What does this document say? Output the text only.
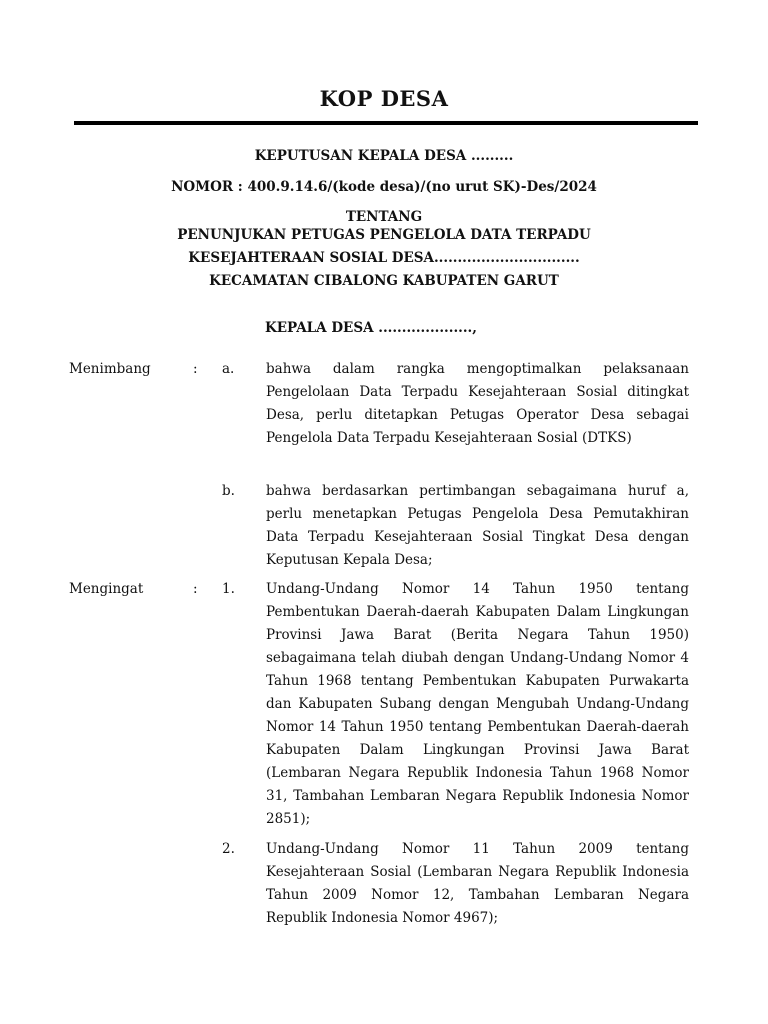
KOP DESA
KEPUTUSAN KEPALA DESA .........
NOMOR : 400.9.14.6/(kode desa)/(no urut SK)-Des/2024
TENTANG
PENUNJUKAN PETUGAS PENGELOLA DATA TERPADU
KESEJAHTERAAN SOSIAL DESA...............................
KECAMATAN CIBALONG KABUPATEN GARUT
KEPALA DESA ....................,
Menimbang	: a. bahwa dalam rangka mengoptimalkan pelaksanaan Pengelolaan Data Terpadu Kesejahteraan Sosial ditingkat Desa, perlu ditetapkan Petugas Operator Desa sebagai Pengelola Data Terpadu Kesejahteraan Sosial (DTKS)
b. bahwa berdasarkan pertimbangan sebagaimana huruf a, perlu menetapkan Petugas Pengelola Desa Pemutakhiran Data Terpadu Kesejahteraan Sosial Tingkat Desa dengan Keputusan Kepala Desa;
Mengingat	: 1. Undang-Undang Nomor 14 Tahun 1950 tentang Pembentukan Daerah-daerah Kabupaten Dalam Lingkungan Provinsi Jawa Barat (Berita Negara Tahun 1950) sebagaimana telah diubah dengan Undang-Undang Nomor 4 Tahun 1968 tentang Pembentukan Kabupaten Purwakarta dan Kabupaten Subang dengan Mengubah Undang-Undang Nomor 14 Tahun 1950 tentang Pembentukan Daerah-daerah Kabupaten Dalam Lingkungan Provinsi Jawa Barat (Lembaran Negara Republik Indonesia Tahun 1968 Nomor 31, Tambahan Lembaran Negara Republik Indonesia Nomor 2851);
2. Undang-Undang Nomor 11 Tahun 2009 tentang Kesejahteraan Sosial (Lembaran Negara Republik Indonesia Tahun 2009 Nomor 12, Tambahan Lembaran Negara Republik Indonesia Nomor 4967);
